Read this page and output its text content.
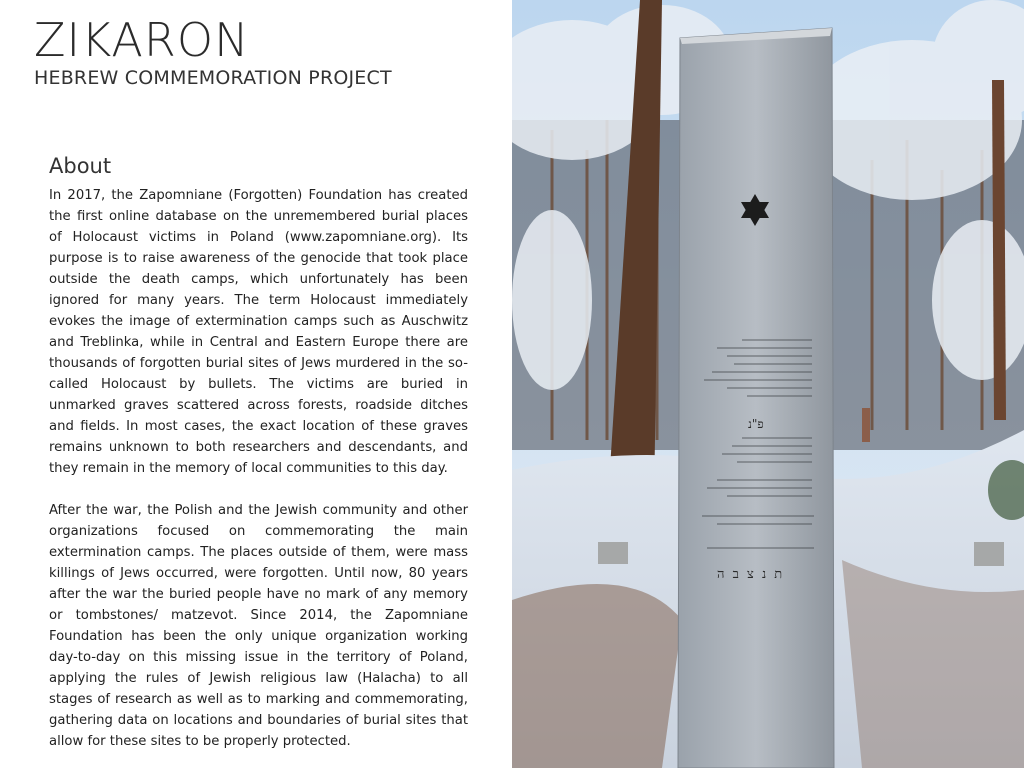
ZIKARON
HEBREW COMMEMORATION PROJECT
About

In 2017, the Zapomniane (Forgotten) Foundation has created the first online database on the unremembered burial places of Holocaust victims in Poland (www.zapomniane.org). Its purpose is to raise awareness of the genocide that took place outside the death camps, which unfortunately has been ignored for many years. The term Holocaust immediately evokes the image of extermination camps such as Auschwitz and Treblinka, while in Central and Eastern Europe there are thousands of forgotten burial sites of Jews murdered in the so-called Holocaust by bullets. The victims are buried in unmarked graves scattered across forests, roadside ditches and fields. In most cases, the exact location of these graves remains unknown to both researchers and descendants, and they remain in the memory of local communities to this day.

After the war, the Polish and the Jewish community and other organizations focused on commemorating the main extermination camps. The places outside of them, were mass killings of Jews occurred, were forgotten. Until now, 80 years after the war the buried people have no mark of any memory or tombstones/ matzevot. Since 2014, the Zapomniane Foundation has been the only unique organization working day-to-day on this missing issue in the territory of Poland, applying the rules of Jewish religious law (Halacha) to all stages of research as well as to marking and commemorating, gathering data on locations and boundaries of burial sites that allow for these sites to be properly protected.

פ"נ
ת נ צ ב ה
